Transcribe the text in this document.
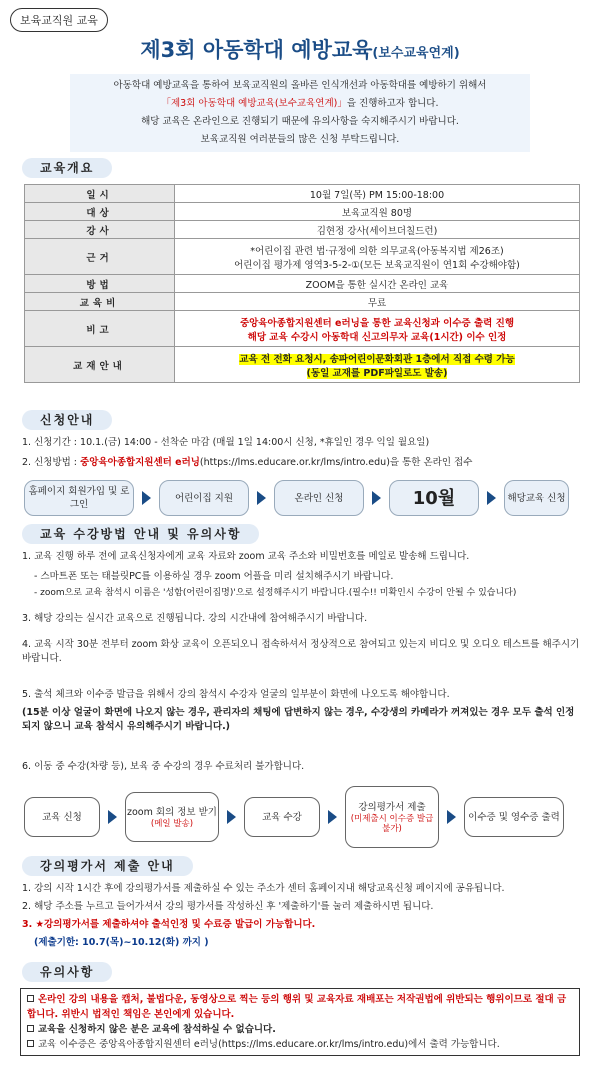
보육교직원 교육
제3회 아동학대 예방교육(보수교육연계)
아동학대 예방교육을 통하여 보육교직원의 올바른 인식개선과 아동학대를 예방하기 위해서
「제3회 아동학대 예방교육(보수교육연계)」을 진행하고자 합니다.
해당 교육은 온라인으로 진행되기 때문에 유의사항을 숙지해주시기 바랍니다.
보육교직원 여러분들의 많은 신청 부탁드립니다.
교육개요
일시	10월 7일(목) PM 15:00-18:00
대상	보육교직원 80명
강사	김현정 강사(세이브더칠드런)
근거	*어린이집 관련 법·규정에 의한 의무교육(아동복지법 제26조)
어린이집 평가제 영역3-5-2-①(모든 보육교직원이 연1회 수강해야함)

방법	ZOOM을 통한 실시간 온라인 교육
교육비	무료
비고	중앙육아종합지원센터 e러닝을 통한 교육신청과 이수증 출력 진행
해당 교육 수강시 아동학대 신고의무자 교육(1시간) 이수 인정

교재안내	교육 전 전화 요청시, 송파어린이문화회관 1층에서 직접 수령 가능
(동일 교재를 PDF파일로도 발송)
신청안내
1. 신청기간 : 10.1.(금) 14:00 - 선착순 마감 (매월 1일 14:00시 신청, *휴일인 경우 익일 월요일)
2. 신청방법 : 중앙육아종합지원센터 e러닝(https://lms.educare.or.kr/lms/intro.edu)을 통한 온라인 접수
홈페이지 회원가입 및 로그인
어린이집 지원	온라인 신청	10월	해당교육 신청
교육 수강방법 안내 및 유의사항
1. 교육 진행 하루 전에 교육신청자에게 교육 자료와 zoom 교육 주소와 비밀번호를 메일로 발송해 드립니다.
- 스마트폰 또는 태블릿PC를 이용하실 경우 zoom 어플을 미리 설치해주시기 바랍니다.
- zoom으로 교육 참석시 이름은 '성함(어린이집명)'으로 설정해주시기 바랍니다.(필수!! 미확인시 수강이 안될 수 있습니다)
3. 해당 강의는 실시간 교육으로 진행됩니다. 강의 시간내에 참여해주시기 바랍니다.
4. 교육 시작 30분 전부터 zoom 화상 교육이 오픈되오니 접속하셔서 정상적으로 참여되고 있는지 비디오 및 오디오 테스트를 해주시기 바랍니다.
5. 출석 체크와 이수증 발급을 위해서 강의 참석시 수강자 얼굴의 일부분이 화면에 나오도록 해야합니다.
(15분 이상 얼굴이 화면에 나오지 않는 경우, 관리자의 채팅에 답변하지 않는 경우, 수강생의 카메라가 꺼져있는 경우 모두 출석 인정되지 않으니 교육 참석시 유의해주시기 바랍니다.)
6. 이동 중 수강(차량 등), 보육 중 수강의 경우 수료처리 불가합니다.
교육 신청	zoom 회의 정보 받기
(메일 발송)
교육 수강
강의평가서 제출
(미제출시 이수증 발급 불가)
이수증 및 영수증 출력
강의평가서 제출 안내
1. 강의 시작 1시간 후에 강의평가서를 제출하실 수 있는 주소가 센터 홈페이지내 해당교육신청 페이지에 공유됩니다.
2. 해당 주소를 누르고 들어가셔서 강의 평가서를 작성하신 후 '제출하기'를 눌러 제출하시면 됩니다.
3. ★강의평가서를 제출하셔야 출석인정 및 수료증 발급이 가능합니다.
(제출기한: 10.7(목)~10.12(화) 까지 )
유의사항
온라인 강의 내용을 캡처, 불법다운, 동영상으로 찍는 등의 행위 및 교육자료 재배포는 저작권법에 위반되는 행위이므로 절대 금합니다. 위반시 법적인 책임은 본인에게 있습니다.
교육을 신청하지 않은 분은 교육에 참석하실 수 없습니다.
교육 이수증은 중앙육아종합지원센터 e러닝(https://lms.educare.or.kr/lms/intro.edu)에서 출력 가능합니다.
